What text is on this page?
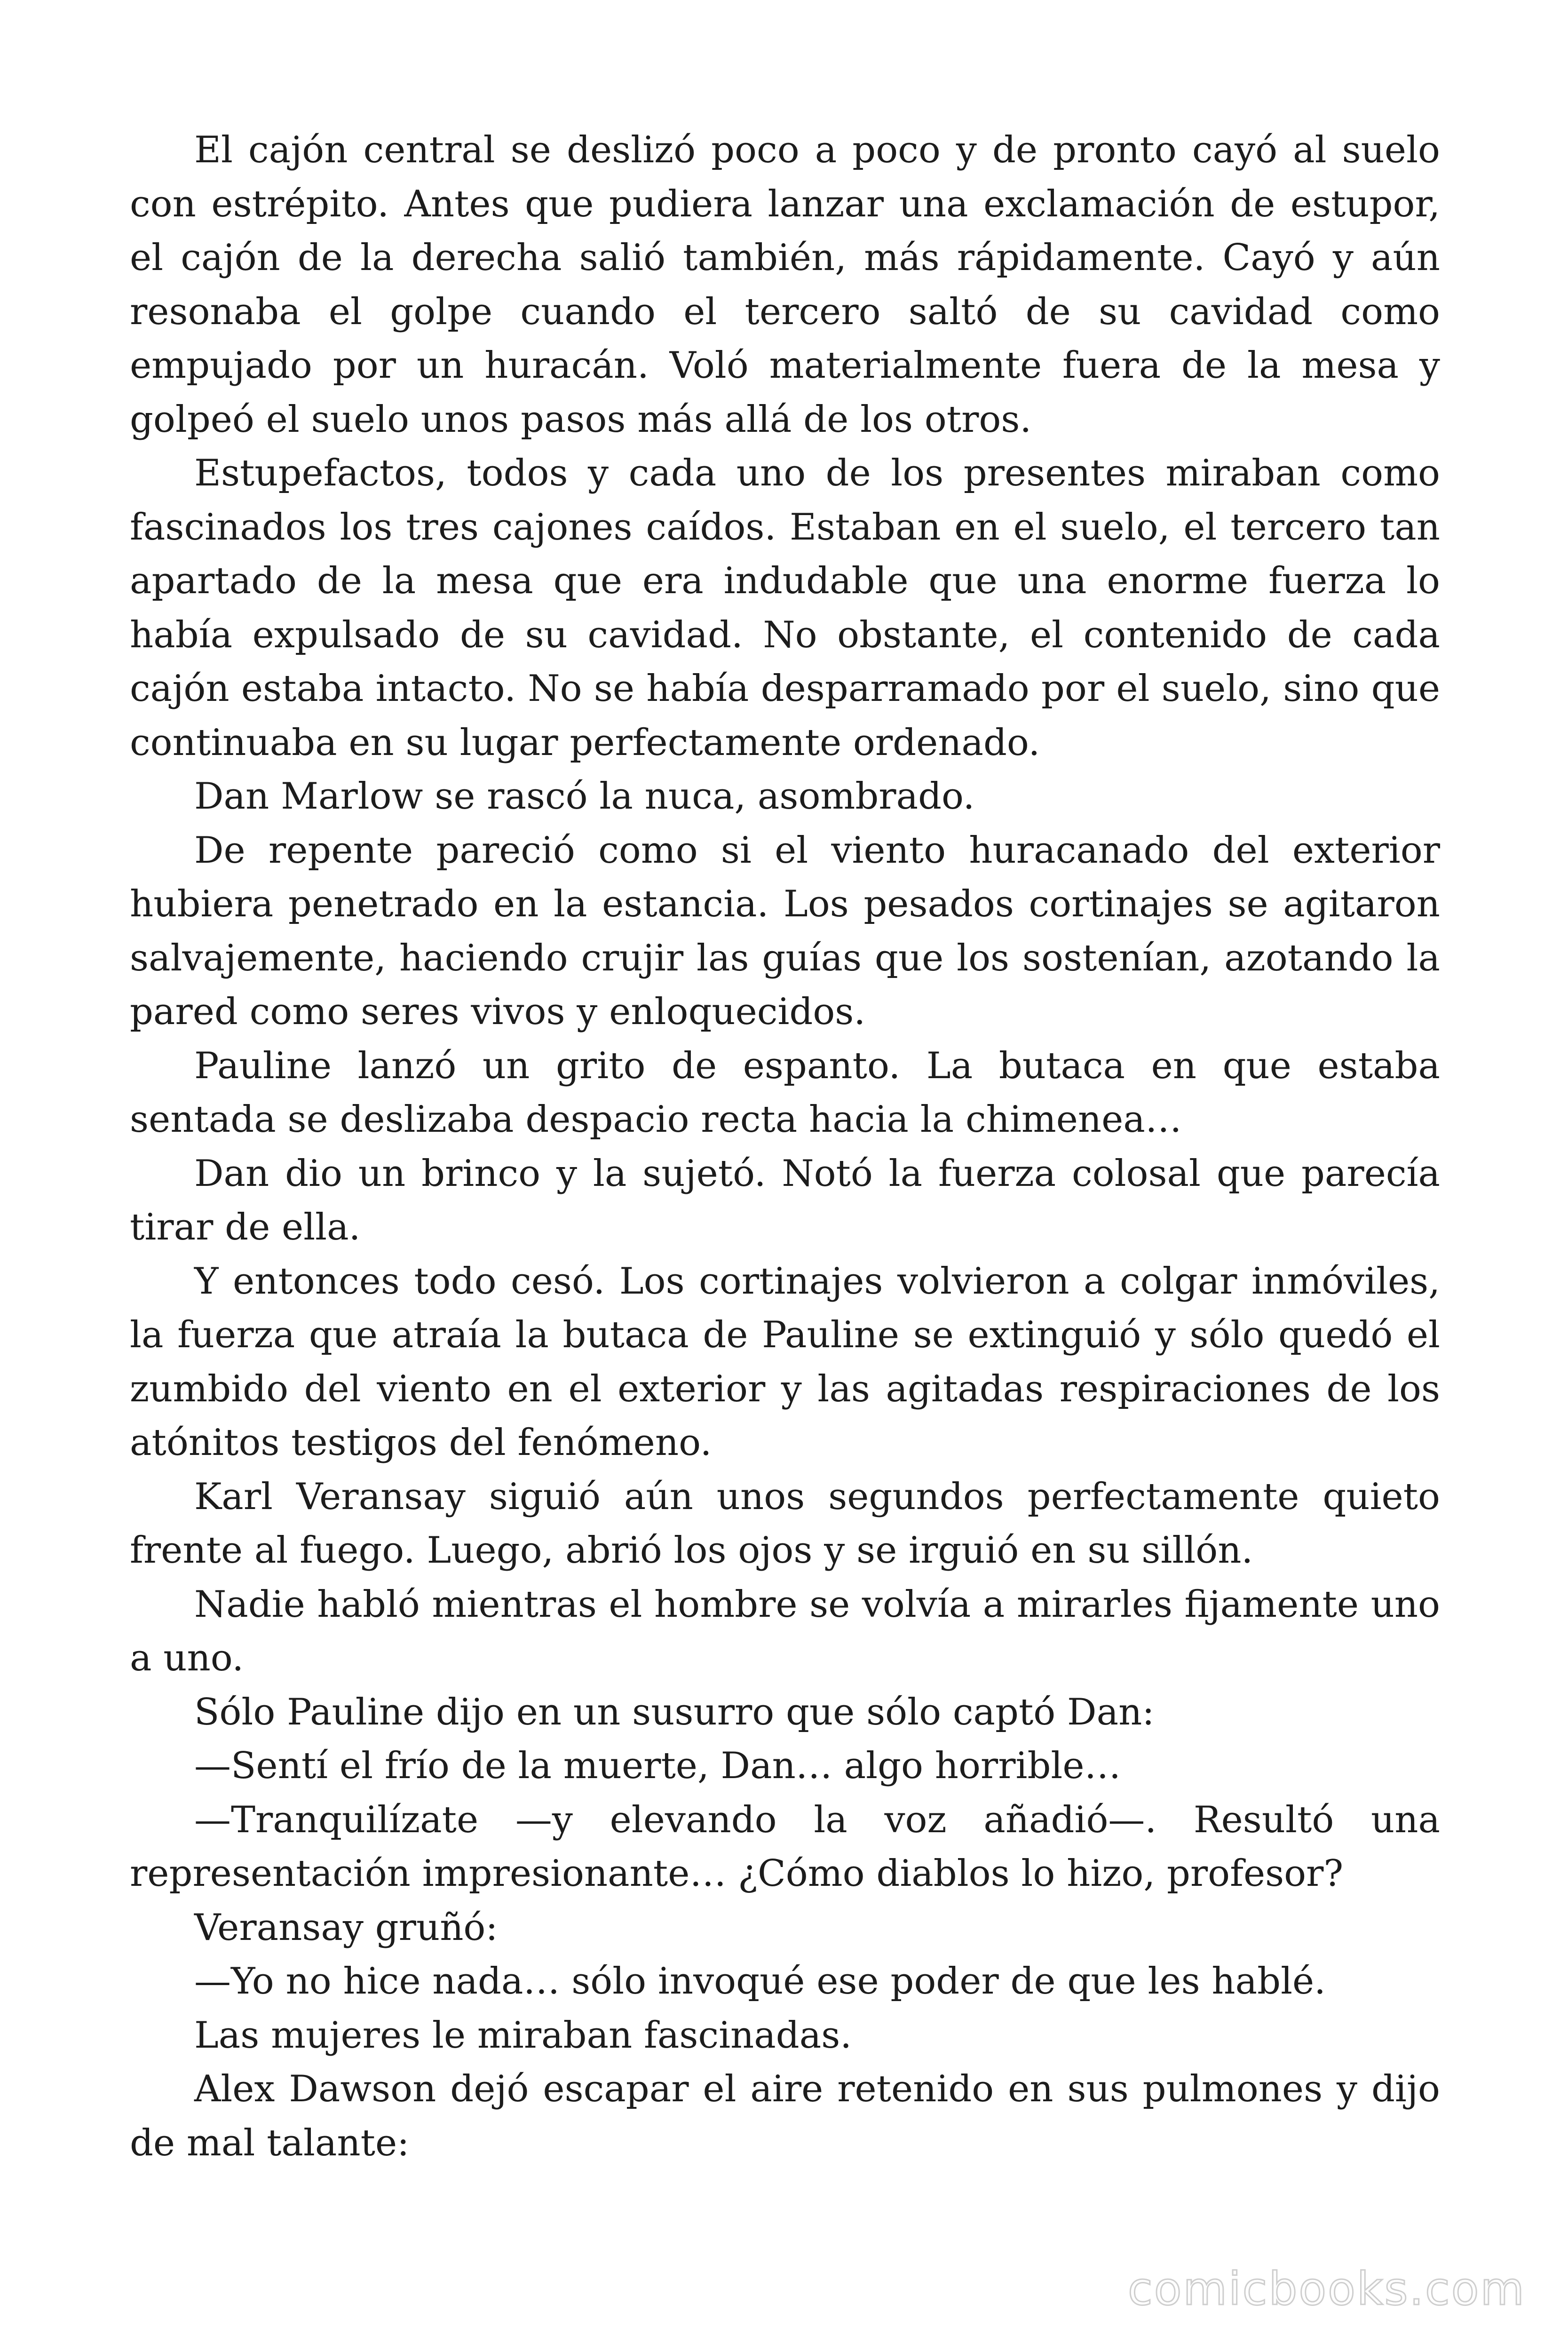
El cajón central se deslizó poco a poco y de pronto cayó al suelo con estrépito. Antes que pudiera lanzar una exclamación de estupor, el cajón de la derecha salió también, más rápidamente. Cayó y aún resonaba el golpe cuando el tercero saltó de su cavidad como empujado por un huracán. Voló materialmente fuera de la mesa y golpeó el suelo unos pasos más allá de los otros.

Estupefactos, todos y cada uno de los presentes miraban como fascinados los tres cajones caídos. Estaban en el suelo, el tercero tan apartado de la mesa que era indudable que una enorme fuerza lo había expulsado de su cavidad. No obstante, el contenido de cada cajón estaba intacto. No se había desparramado por el suelo, sino que continuaba en su lugar perfectamente ordenado.

Dan Marlow se rascó la nuca, asombrado.

De repente pareció como si el viento huracanado del exterior hubiera penetrado en la estancia. Los pesados cortinajes se agitaron salvajemente, haciendo crujir las guías que los sostenían, azotando la pared como seres vivos y enloquecidos.

Pauline lanzó un grito de espanto. La butaca en que estaba sentada se deslizaba despacio recta hacia la chimenea…

Dan dio un brinco y la sujetó. Notó la fuerza colosal que parecía tirar de ella.

Y entonces todo cesó. Los cortinajes volvieron a colgar inmóviles, la fuerza que atraía la butaca de Pauline se extinguió y sólo quedó el zumbido del viento en el exterior y las agitadas respiraciones de los atónitos testigos del fenómeno.

Karl Veransay siguió aún unos segundos perfectamente quieto frente al fuego. Luego, abrió los ojos y se irguió en su sillón.

Nadie habló mientras el hombre se volvía a mirarles fijamente uno a uno.

Sólo Pauline dijo en un susurro que sólo captó Dan:

—Sentí el frío de la muerte, Dan… algo horrible…

—Tranquilízate —y elevando la voz añadió—. Resultó una representación impresionante… ¿Cómo diablos lo hizo, profesor?

Veransay gruñó:

—Yo no hice nada… sólo invoqué ese poder de que les hablé.

Las mujeres le miraban fascinadas.

Alex Dawson dejó escapar el aire retenido en sus pulmones y dijo de mal talante:

comicbooks.com
